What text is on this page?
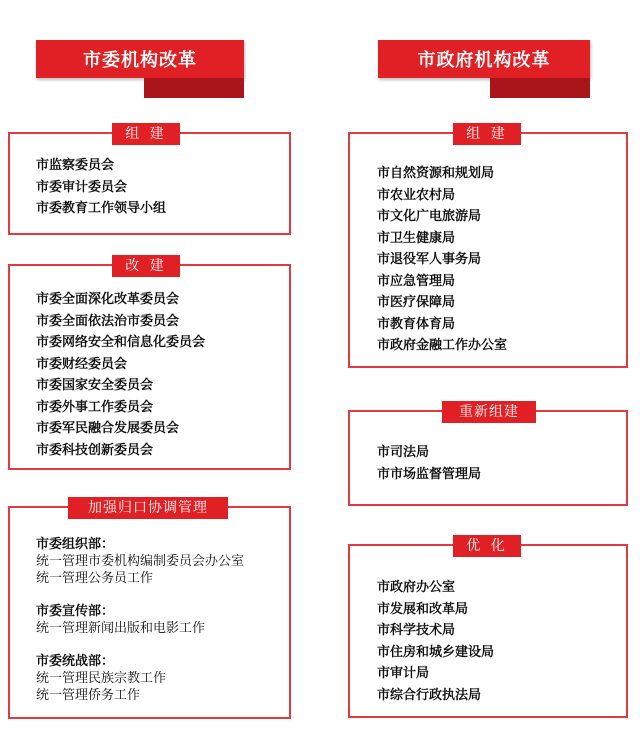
市委机构改革	市政府机构改革
组 建
市监察委员会
市委审计委员会
市委教育工作领导小组
改 建
市委全面深化改革委员会
市委全面依法治市委员会
市委网络安全和信息化委员会
市委财经委员会
市委国家安全委员会
市委外事工作委员会
市委军民融合发展委员会
市委科技创新委员会
加强归口协调管理
市委组织部：
统一管理市委机构编制委员会办公室
统一管理公务员工作
市委宣传部：
统一管理新闻出版和电影工作
市委统战部：
统一管理民族宗教工作
统一管理侨务工作
组 建
市自然资源和规划局
市农业农村局
市文化广电旅游局
市卫生健康局
市退役军人事务局
市应急管理局
市医疗保障局
市教育体育局
市政府金融工作办公室
重新组建
市司法局
市市场监督管理局
优 化
市政府办公室
市发展和改革局
市科学技术局
市住房和城乡建设局
市审计局
市综合行政执法局
